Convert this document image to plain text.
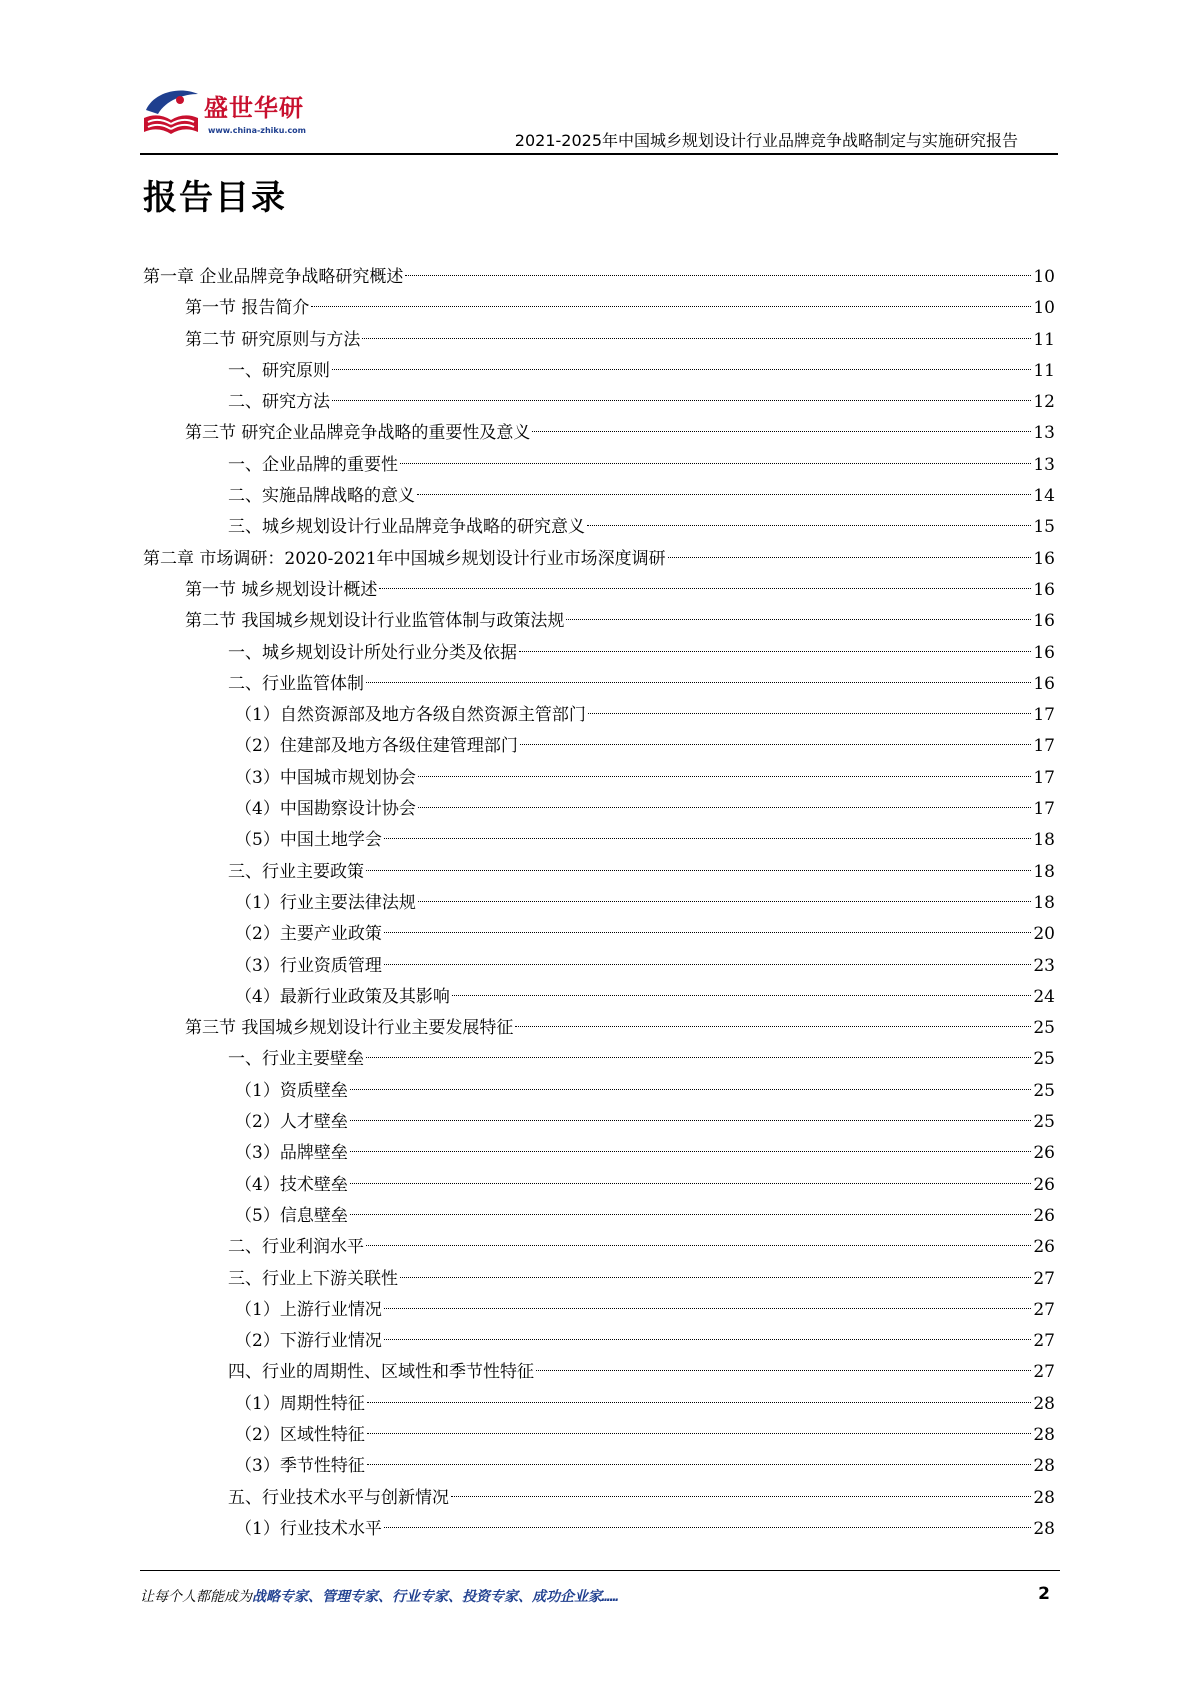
盛世华研
www.china-zhiku.com
2021-2025年中国城乡规划设计行业品牌竞争战略制定与实施研究报告
报告目录
第一章 企业品牌竞争战略研究概述	10
第一节 报告简介	10
第二节 研究原则与方法	11
一、研究原则	11
二、研究方法	12
第三节 研究企业品牌竞争战略的重要性及意义	13
一、企业品牌的重要性	13
二、实施品牌战略的意义	14
三、城乡规划设计行业品牌竞争战略的研究意义	15
第二章 市场调研：2020-2021年中国城乡规划设计行业市场深度调研	16
第一节 城乡规划设计概述	16
第二节 我国城乡规划设计行业监管体制与政策法规	16
一、城乡规划设计所处行业分类及依据	16
二、行业监管体制	16
（1）自然资源部及地方各级自然资源主管部门	17
（2）住建部及地方各级住建管理部门	17
（3）中国城市规划协会	17
（4）中国勘察设计协会	17
（5）中国土地学会	18
三、行业主要政策	18
（1）行业主要法律法规	18
（2）主要产业政策	20
（3）行业资质管理	23
（4）最新行业政策及其影响	24
第三节 我国城乡规划设计行业主要发展特征	25
一、行业主要壁垒	25
（1）资质壁垒	25
（2）人才壁垒	25
（3）品牌壁垒	26
（4）技术壁垒	26
（5）信息壁垒	26
二、行业利润水平	26
三、行业上下游关联性	27
（1）上游行业情况	27
（2）下游行业情况	27
四、行业的周期性、区域性和季节性特征	27
（1）周期性特征	28
（2）区域性特征	28
（3）季节性特征	28
五、行业技术水平与创新情况	28
（1）行业技术水平	28
让每个人都能成为战略专家、管理专家、行业专家、投资专家、成功企业家……	2
